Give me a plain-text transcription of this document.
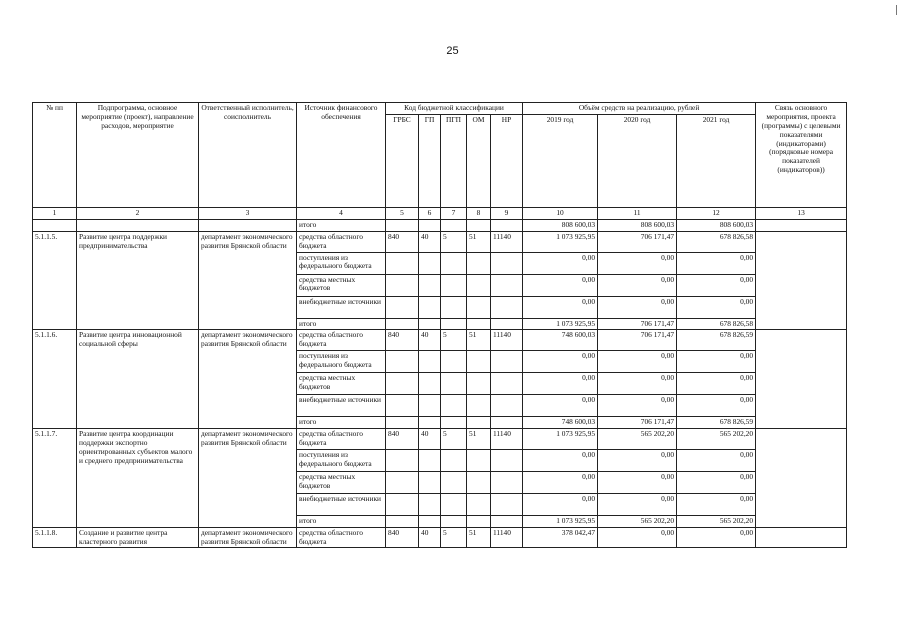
25
№ пп	Подпрограмма, основное мероприятие (проект), направление расходов, мероприятие	Ответственный исполнитель, соисполнитель	Источник финансового обеспечения	Код бюджетной классификации					Объём средств на реализацию, рублей			Связь основного мероприятия, проекта (программы) с целевыми показателями (индикаторами) (порядковые номера показателей (индикаторов))
				ГРБС	ГП	ПГП	ОМ	НР	2019 год	2020 год	2021 год	
1	2	3	4	5	6	7	8	9	10	11	12	13
			итого						808 600,03	808 600,03	808 600,03	
5.1.1.5.	Развитие центра поддержки предпринимательства	департамент экономического развития Брянской области	средства областного бюджета	840	40	5	51	11140	1 073 925,95	706 171,47	678 826,58	
			поступления из федерального бюджета						0,00	0,00	0,00	
			средства местных бюджетов						0,00	0,00	0,00	
			внебюджетные источники						0,00	0,00	0,00	
			итого						1 073 925,95	706 171,47	678 826,58	
5.1.1.6.	Развитие центра инновационной социальной сферы	департамент экономического развития Брянской области	средства областного бюджета	840	40	5	51	11140	748 600,03	706 171,47	678 826,59	
			поступления из федерального бюджета						0,00	0,00	0,00	
			средства местных бюджетов						0,00	0,00	0,00	
			внебюджетные источники						0,00	0,00	0,00	
			итого						748 600,03	706 171,47	678 826,59	
5.1.1.7.	Развитие центра координации поддержки экспортно ориентированных субъектов малого и среднего предпринимательства	департамент экономического развития Брянской области	средства областного бюджета	840	40	5	51	11140	1 073 925,95	565 202,20	565 202,20	
			поступления из федерального бюджета						0,00	0,00	0,00	
			средства местных бюджетов						0,00	0,00	0,00	
			внебюджетные источники						0,00	0,00	0,00	
			итого						1 073 925,95	565 202,20	565 202,20	
5.1.1.8.	Создание и развитие центра кластерного развития	департамент экономического развития Брянской области	средства областного бюджета	840	40	5	51	11140	378 042,47	0,00	0,00	
